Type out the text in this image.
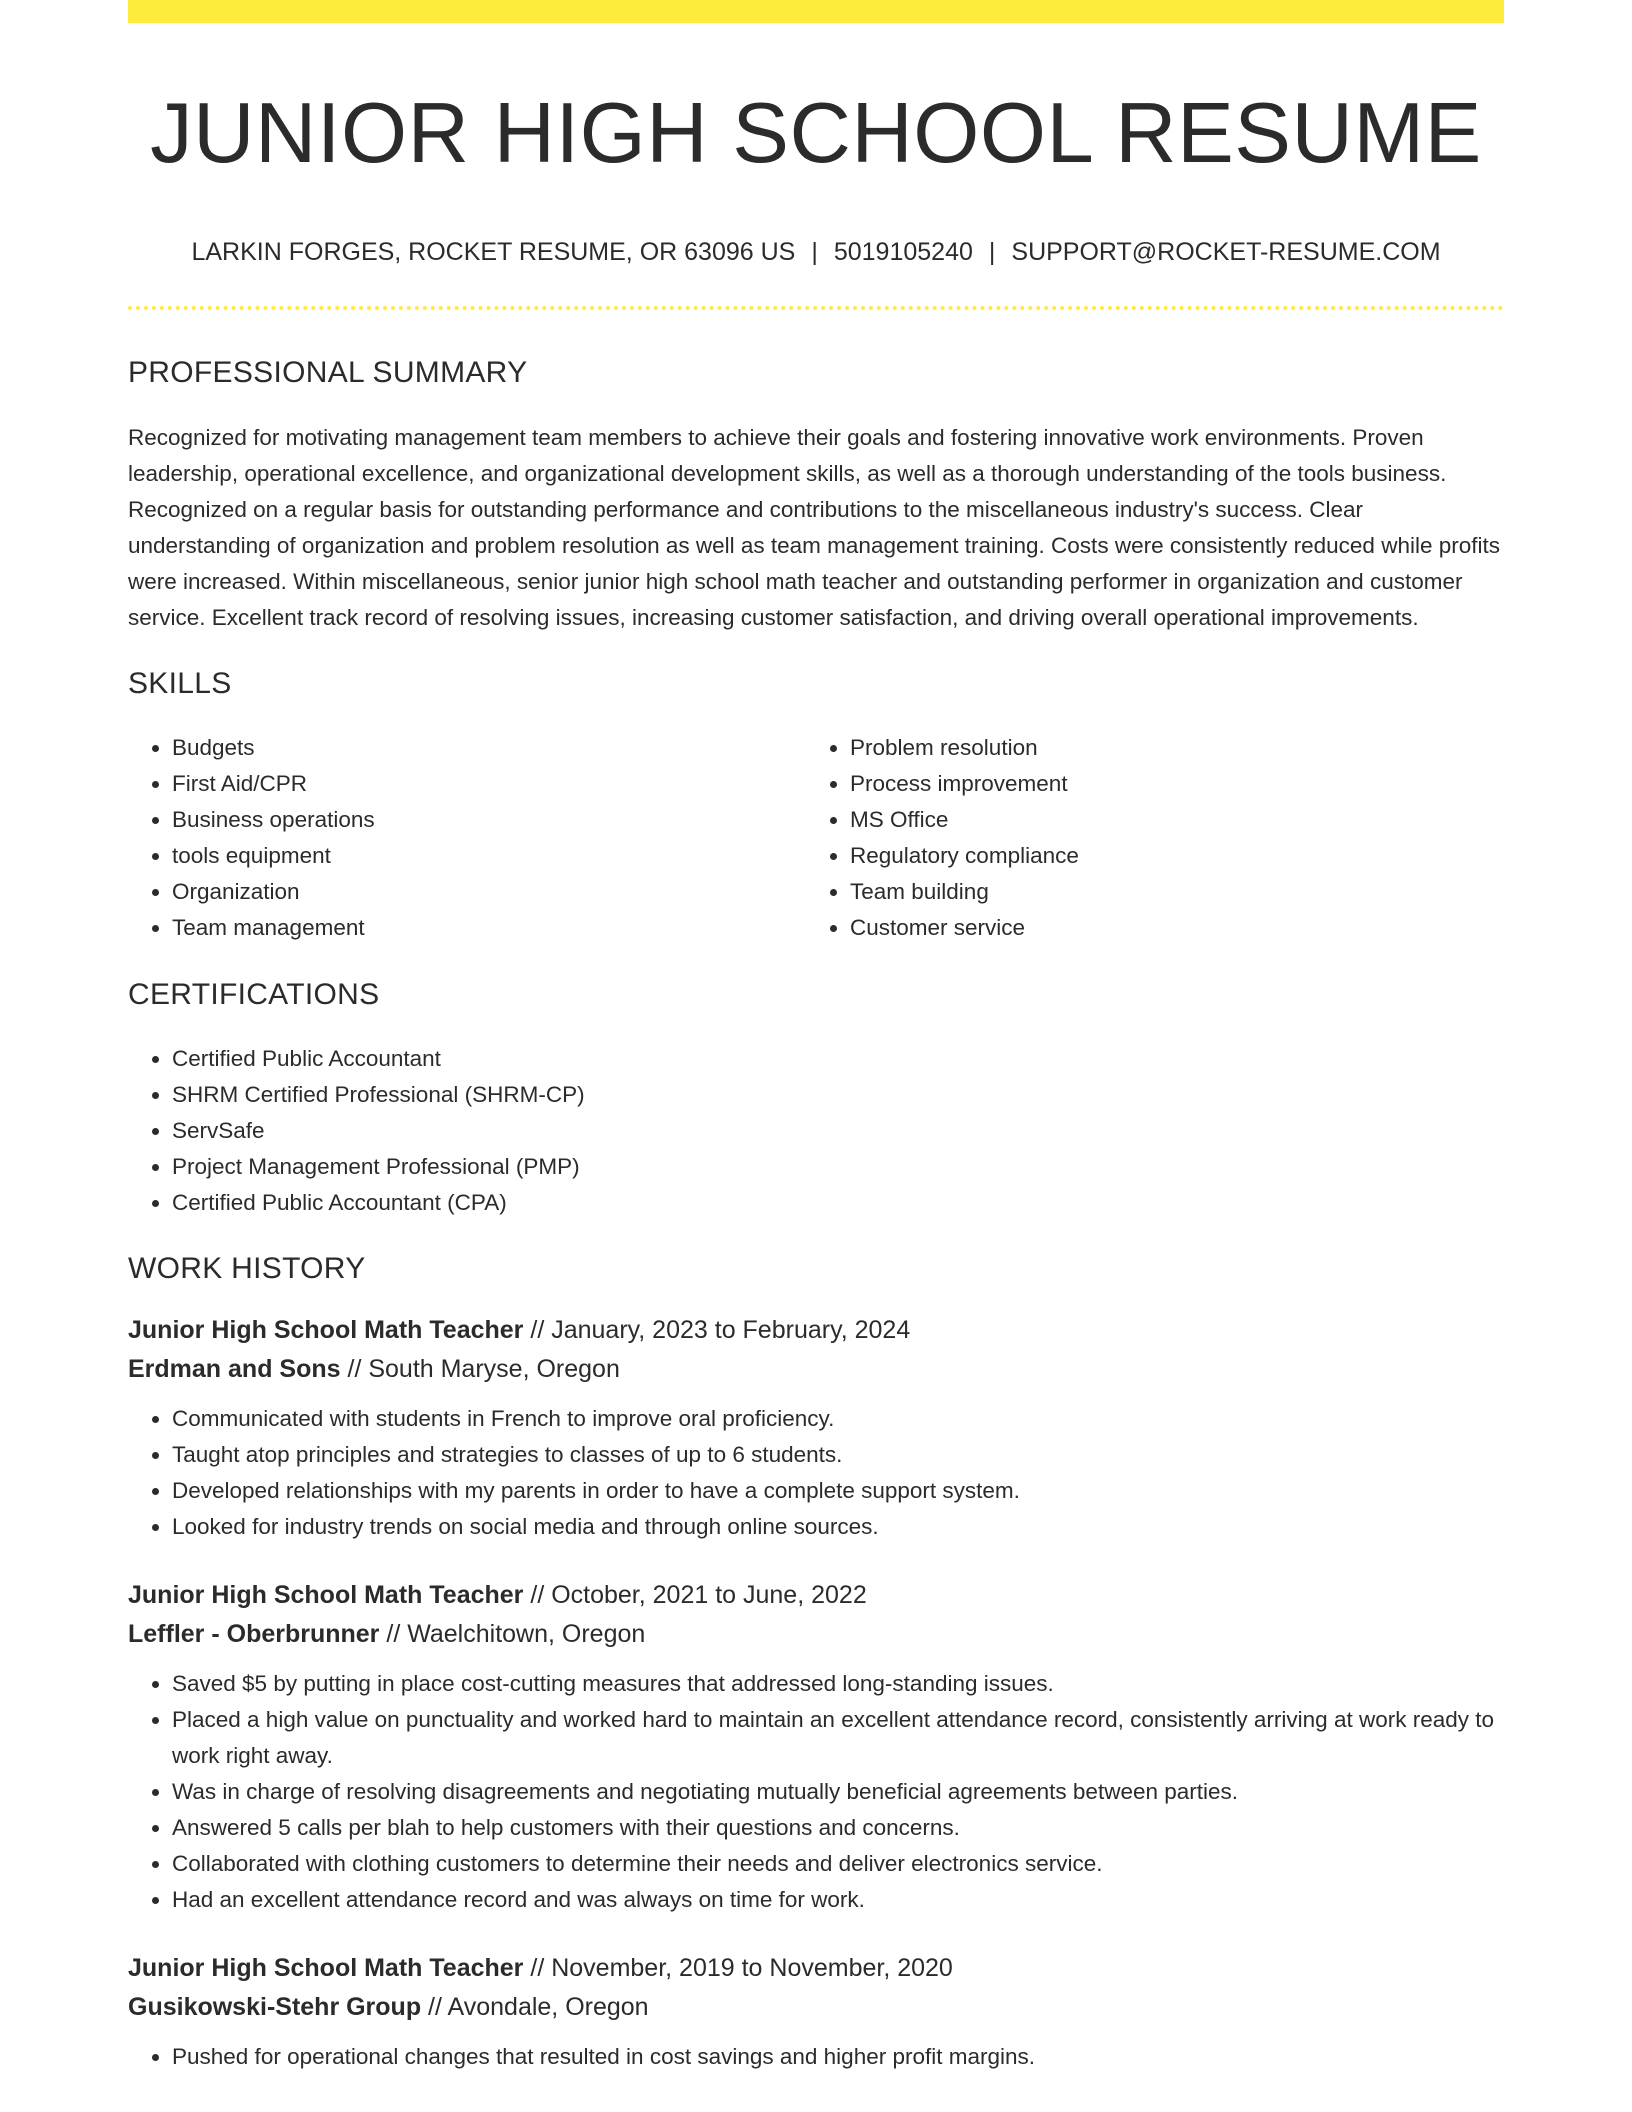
JUNIOR HIGH SCHOOL RESUME
LARKIN FORGES, ROCKET RESUME, OR 63096 US | 5019105240 | SUPPORT@ROCKET-RESUME.COM
PROFESSIONAL SUMMARY

Recognized for motivating management team members to achieve their goals and fostering innovative work environments. Proven leadership, operational excellence, and organizational development skills, as well as a thorough understanding of the tools business. Recognized on a regular basis for outstanding performance and contributions to the miscellaneous industry's success. Clear understanding of organization and problem resolution as well as team management training. Costs were consistently reduced while profits were increased. Within miscellaneous, senior junior high school math teacher and outstanding performer in organization and customer service. Excellent track record of resolving issues, increasing customer satisfaction, and driving overall operational improvements.

SKILLS
• Budgets
• First Aid/CPR
• Business operations
• tools equipment
• Organization
• Team management
• Problem resolution
• Process improvement
• MS Office
• Regulatory compliance
• Team building
• Customer service
CERTIFICATIONS
• Certified Public Accountant
• SHRM Certified Professional (SHRM-CP)
• ServSafe
• Project Management Professional (PMP)
• Certified Public Accountant (CPA)
WORK HISTORY
Junior High School Math Teacher // January, 2023 to February, 2024
Erdman and Sons // South Maryse, Oregon
• Communicated with students in French to improve oral proficiency.
• Taught atop principles and strategies to classes of up to 6 students.
• Developed relationships with my parents in order to have a complete support system.
• Looked for industry trends on social media and through online sources.
Junior High School Math Teacher // October, 2021 to June, 2022
Leffler - Oberbrunner // Waelchitown, Oregon
• Saved $5 by putting in place cost-cutting measures that addressed long-standing issues.
• Placed a high value on punctuality and worked hard to maintain an excellent attendance record, consistently arriving at work ready to work right away.
• Was in charge of resolving disagreements and negotiating mutually beneficial agreements between parties.
• Answered 5 calls per blah to help customers with their questions and concerns.
• Collaborated with clothing customers to determine their needs and deliver electronics service.
• Had an excellent attendance record and was always on time for work.
Junior High School Math Teacher // November, 2019 to November, 2020
Gusikowski-Stehr Group // Avondale, Oregon
• Pushed for operational changes that resulted in cost savings and higher profit margins.
